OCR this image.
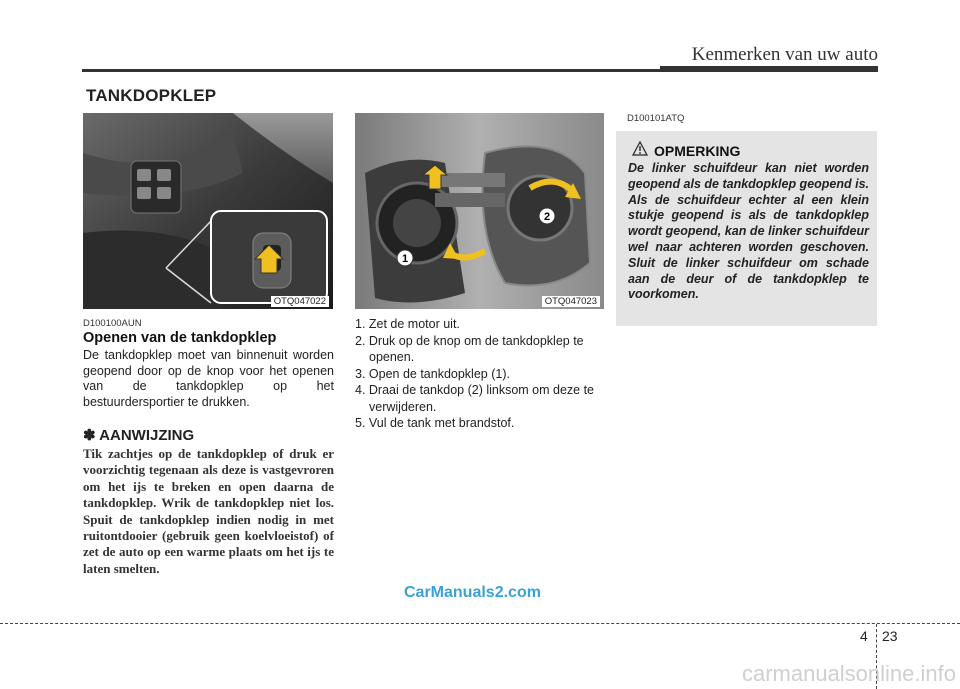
Kenmerken van uw auto
TANKDOPKLEP
OTQ047022
1
2
OTQ047023
D100100AUN
Openen van de tankdopklep
De tankdopklep moet van binnenuit worden geopend door op de knop voor het openen van de tankdopklep op het bestuurdersportier te drukken.
✽ AANWIJZING
Tik zachtjes op de tankdopklep of druk er voorzichtig tegenaan als deze is vastgevroren om het ijs te breken en open daarna de tankdopklep. Wrik de tankdopklep niet los. Spuit de tankdopklep indien nodig in met ruitontdooier (gebruik geen koelvloeistof) of zet de auto op een warme plaats om het ijs te laten smelten.
1. Zet de motor uit.
2. Druk op de knop om de tankdopklep te openen.
3. Open de tankdopklep (1).
4. Draai de tankdop (2) linksom om deze te verwijderen.
5. Vul de tank met brandstof.
D100101ATQ
OPMERKING
De linker schuifdeur kan niet worden geopend als de tankdopklep geopend is. Als de schuifdeur echter al een klein stukje geopend is als de tankdopklep wordt geopend, kan de linker schuifdeur wel naar achteren worden geschoven. Sluit de linker schuifdeur om schade aan de deur of de tankdopklep te voorkomen.
CarManuals2.com
4 23
carmanualsonline.info
